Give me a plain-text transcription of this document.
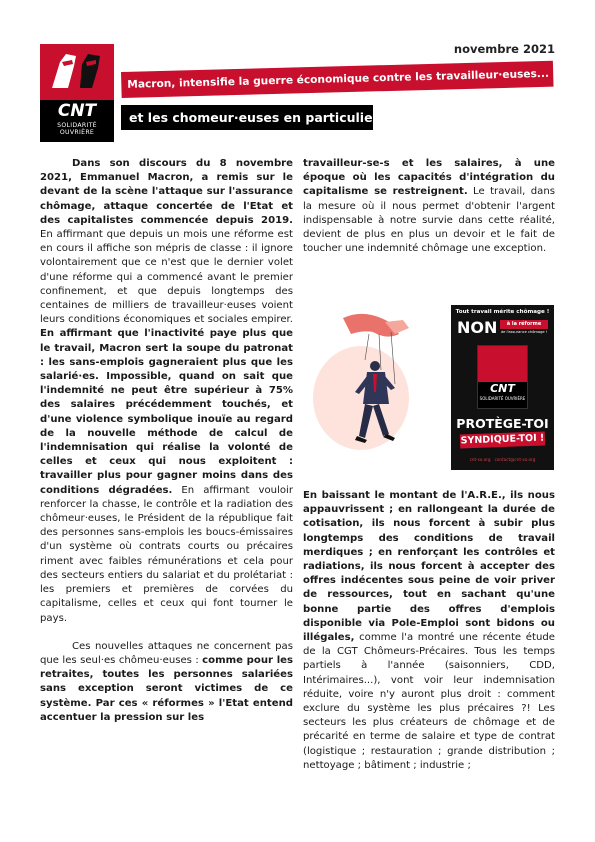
CNT
SOLIDARITÉ
OUVRIÈRE
novembre 2021
Macron, intensifie la guerre économique contre les travailleur·euses...
et les chomeur·euses en particulier !

Dans son discours du 8 novembre 2021, Emmanuel Macron, a remis sur le devant de la scène l'attaque sur l'assurance chômage, attaque concertée de l'Etat et des capitalistes commencée depuis 2019. En affirmant que depuis un mois une réforme est en cours il affiche son mépris de classe : il ignore volontairement que ce n'est que le dernier volet d'une réforme qui a commencé avant le premier confinement, et que depuis longtemps des centaines de milliers de travailleur·euses voient leurs conditions économiques et sociales empirer. En affirmant que l'inactivité paye plus que le travail, Macron sert la soupe du patronat : les sans-emplois gagneraient plus que les salarié·es. Impossible, quand on sait que l'indemnité ne peut être supérieur à 75% des salaires précédemment touchés, et d'une violence symbolique inouïe au regard de la nouvelle méthode de calcul de l'indemnisation qui réalise la volonté de celles et ceux qui nous exploitent : travailler plus pour gagner moins dans des conditions dégradées. En affirmant vouloir renforcer la chasse, le contrôle et la radiation des chômeur·euses, le Président de la république fait des personnes sans-emplois les boucs-émissaires d'un système où contrats courts ou précaires riment avec faibles rémunérations et cela pour des secteurs entiers du salariat et du prolétariat : les premiers et premières de corvées du capitalisme, celles et ceux qui font tourner le pays.

Ces nouvelles attaques ne concernent pas que les seul·es chômeu·euses : comme pour les retraites, toutes les personnes salariées sans exception seront victimes de ce système. Par ces « réformes » l'Etat entend accentuer la pression sur les

travailleur-se-s et les salaires, à une époque où les capacités d'intégration du capitalisme se restreignent. Le travail, dans la mesure où il nous permet d'obtenir l'argent indispensable à notre survie dans cette réalité, devient de plus en plus un devoir et le fait de toucher une indemnité chômage une exception.

Tout travail mérite chômage !
NON	à la réforme
de l'assurance chômage !
CNT
SOLIDARITÉ OUVRIÈRE
PROTÈGE-TOI
SYNDIQUE-TOI !
cnt-so.org contact@cnt-so.org

En baissant le montant de l'A.R.E., ils nous appauvrissent ; en rallongeant la durée de cotisation, ils nous forcent à subir plus longtemps des conditions de travail merdiques ; en renforçant les contrôles et radiations, ils nous forcent à accepter des offres indécentes sous peine de voir priver de ressources, tout en sachant qu'une bonne partie des offres d'emplois disponible via Pole-Emploi sont bidons ou illégales, comme l'a montré une récente étude de la CGT Chômeurs-Précaires. Tous les temps partiels à l'année (saisonniers, CDD, Intérimaires...), vont voir leur indemnisation réduite, voire n'y auront plus droit : comment exclure du système les plus précaires ?! Les secteurs les plus créateurs de chômage et de précarité en terme de salaire et type de contrat (logistique ; restauration ; grande distribution ; nettoyage ; bâtiment ; industrie ;
